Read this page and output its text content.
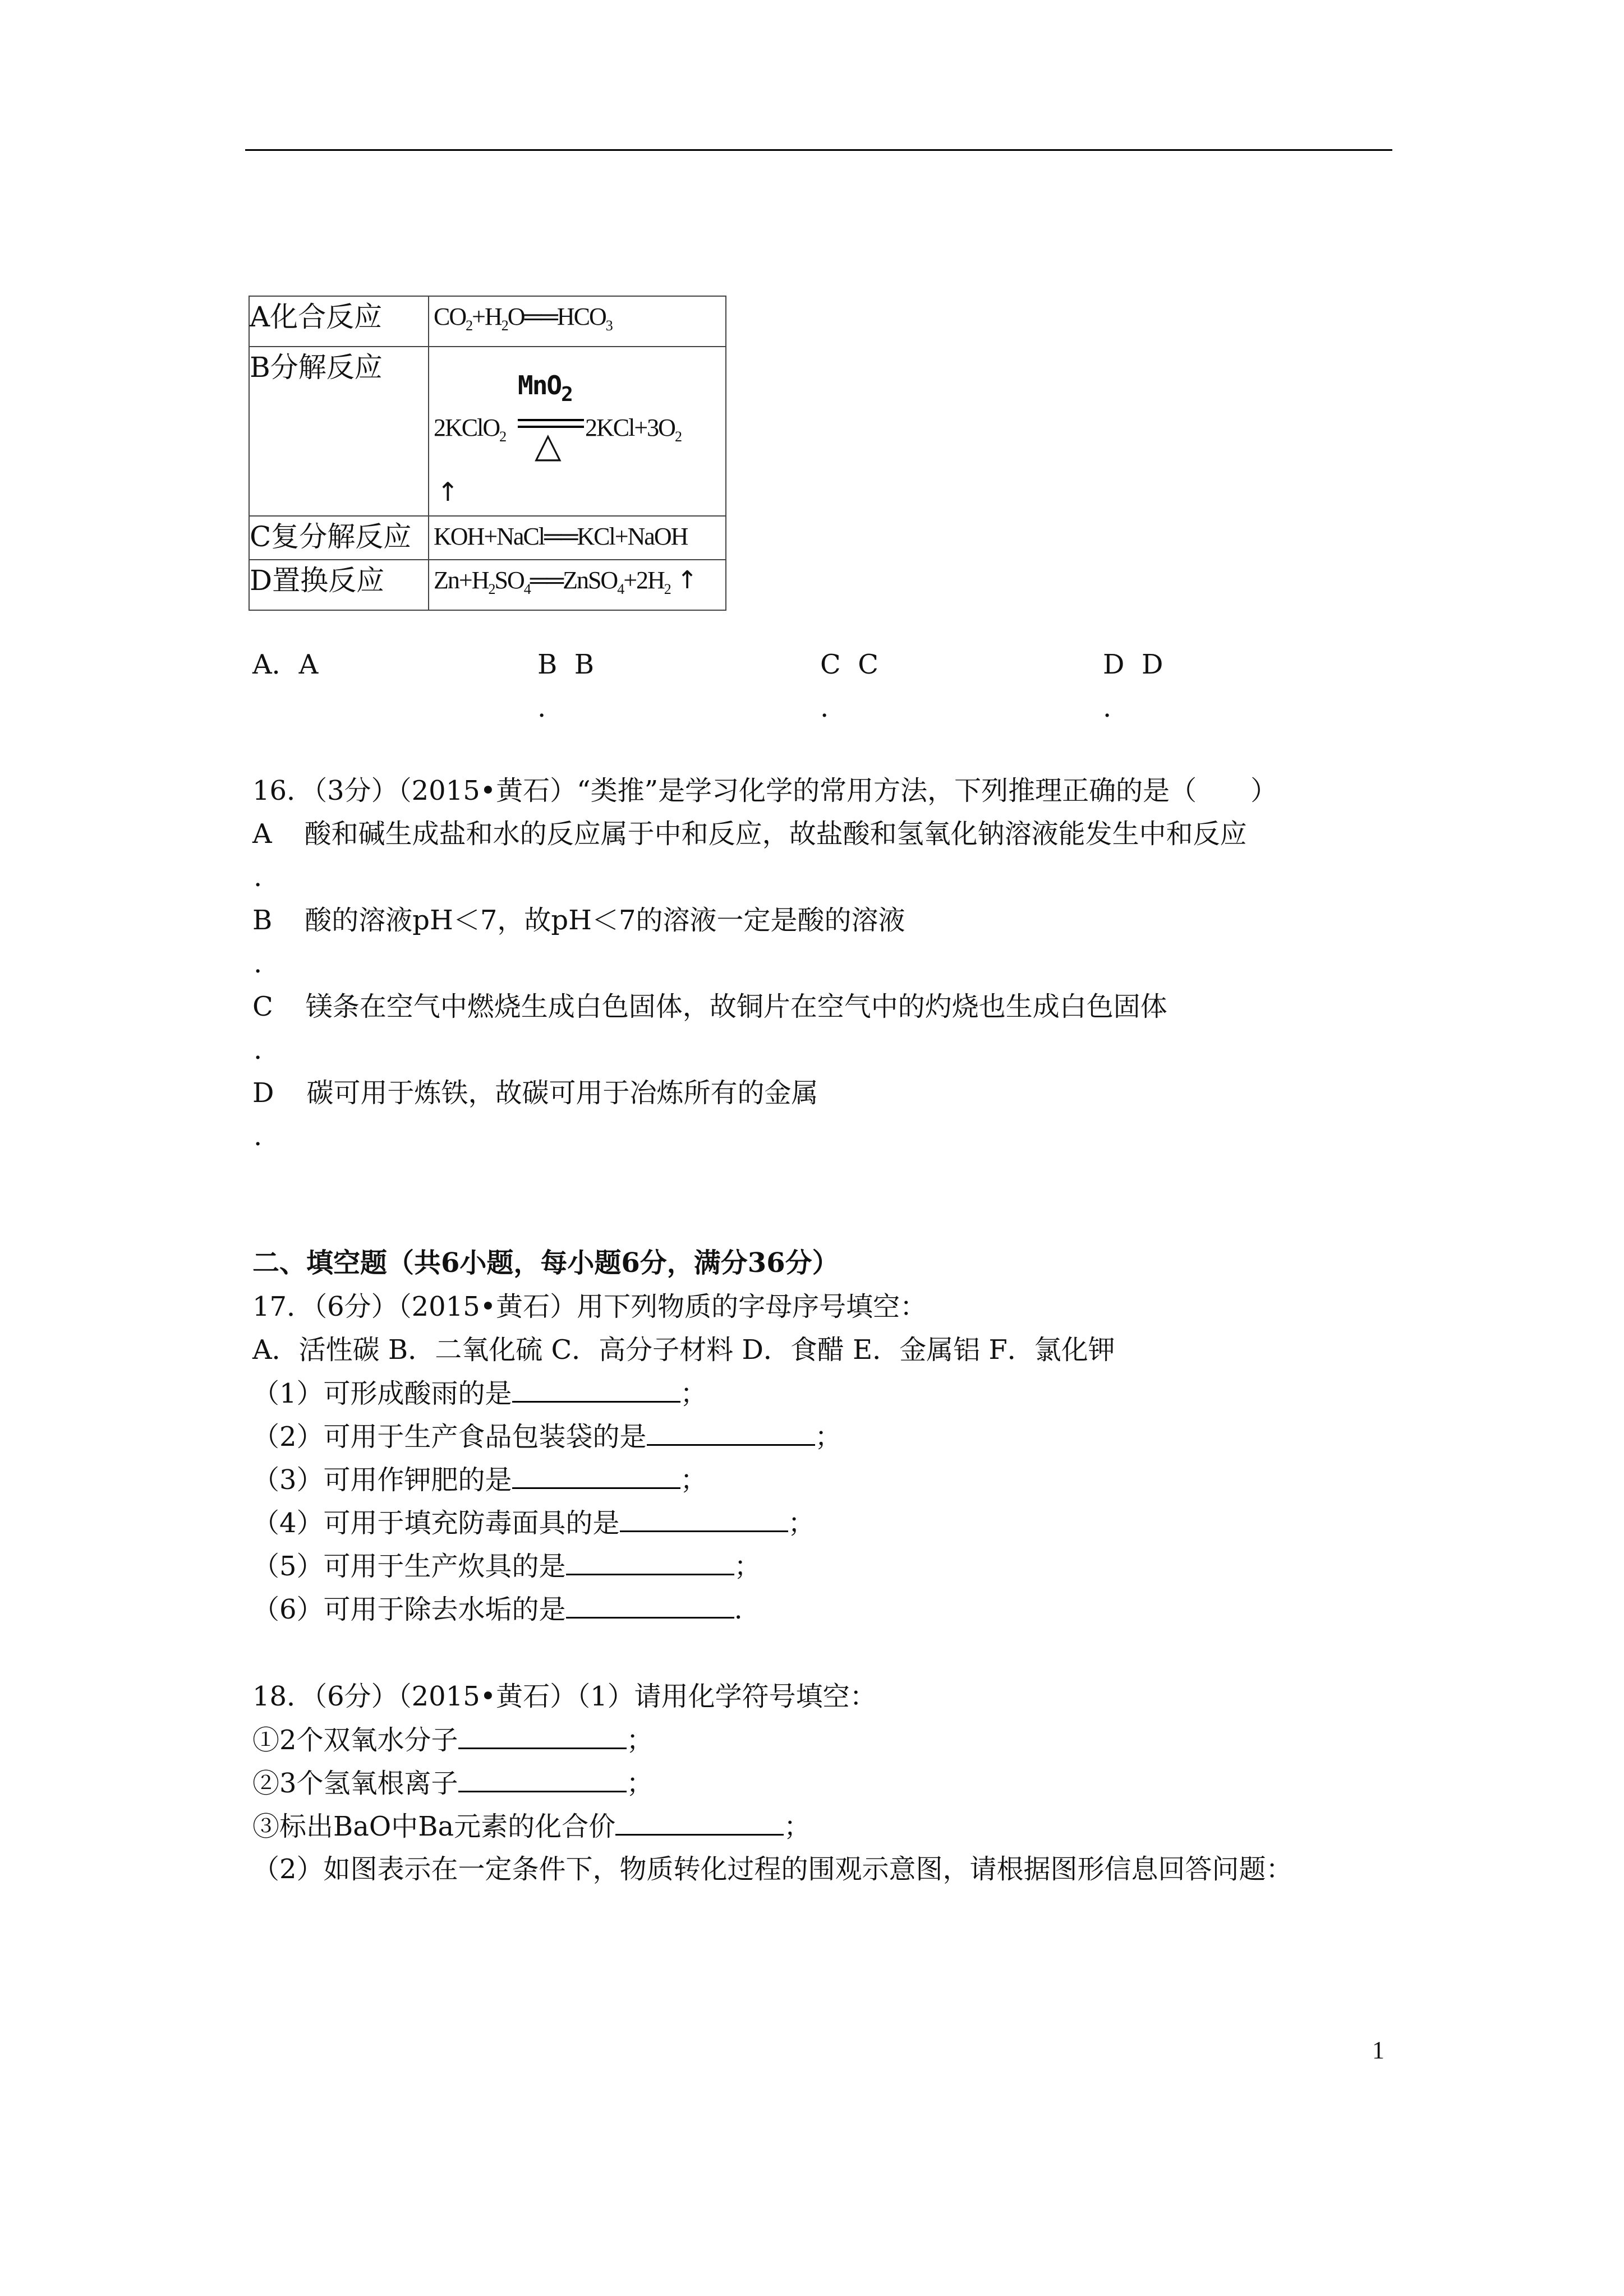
A化合反应	$CO_2+H_2O══HCO_3$
B分解反应	2KClO$_2$
MnO$_2$
△ $2KCl+3O_2$
↑

C复分解反应	KOH+NaCl══KCl+NaOH
D置换反应	$Zn+H_2SO_4══ZnSO_4+2H_2$ ↑
A．A	B B
.
C C
.
D D
.
16．（3分）（2015•黄石）“类推”是学习化学的常用方法，下列推理正确的是（　　）
A 酸和碱生成盐和水的反应属于中和反应，故盐酸和氢氧化钠溶液能发生中和反应
.
B 酸的溶液pH＜7，故pH＜7的溶液一定是酸的溶液
.
C 镁条在空气中燃烧生成白色固体，故铜片在空气中的灼烧也生成白色固体
.
D 碳可用于炼铁，故碳可用于冶炼所有的金属
.
二、填空题（共6小题，每小题6分，满分36分）
17．（6分）（2015•黄石）用下列物质的字母序号填空：
A．活性碳 B．二氧化硫 C．高分子材料 D．食醋 E．金属铝 F．氯化钾
（1）可形成酸雨的是	；
（2）可用于生产食品包装袋的是	；
（3）可用作钾肥的是	；
（4）可用于填充防毒面具的是	；
（5）可用于生产炊具的是	；
（6）可用于除去水垢的是	.
18．（6分）（2015•黄石）（1）请用化学符号填空：
①2个双氧水分子	；
②3个氢氧根离子	；
③标出BaO中Ba元素的化合价	；
（2）如图表示在一定条件下，物质转化过程的围观示意图，请根据图形信息回答问题：
1
